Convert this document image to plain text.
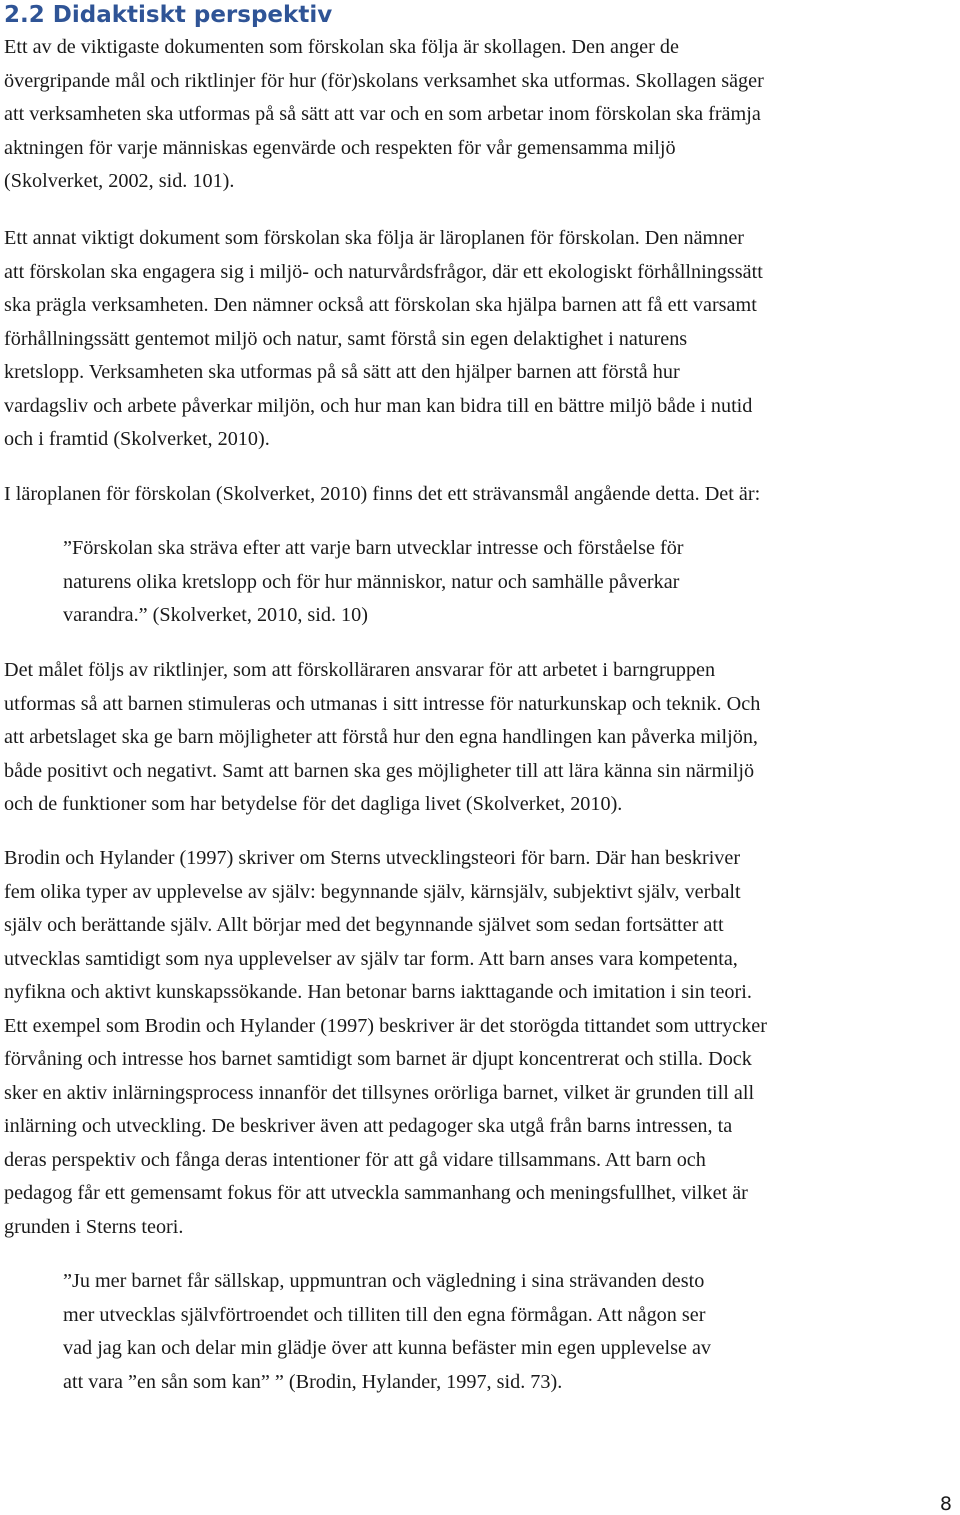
2.2 Didaktiskt perspektiv
Ett av de viktigaste dokumenten som förskolan ska följa är skollagen. Den anger de
övergripande mål och riktlinjer för hur (för)skolans verksamhet ska utformas. Skollagen säger
att verksamheten ska utformas på så sätt att var och en som arbetar inom förskolan ska främja
aktningen för varje människas egenvärde och respekten för vår gemensamma miljö
(Skolverket, 2002, sid. 101).
Ett annat viktigt dokument som förskolan ska följa är läroplanen för förskolan. Den nämner
att förskolan ska engagera sig i miljö- och naturvårdsfrågor, där ett ekologiskt förhållningssätt
ska prägla verksamheten. Den nämner också att förskolan ska hjälpa barnen att få ett varsamt
förhållningssätt gentemot miljö och natur, samt förstå sin egen delaktighet i naturens
kretslopp. Verksamheten ska utformas på så sätt att den hjälper barnen att förstå hur
vardagsliv och arbete påverkar miljön, och hur man kan bidra till en bättre miljö både i nutid
och i framtid (Skolverket, 2010).
I läroplanen för förskolan (Skolverket, 2010) finns det ett strävansmål angående detta. Det är:
”Förskolan ska sträva efter att varje barn utvecklar intresse och förståelse för
naturens olika kretslopp och för hur människor, natur och samhälle påverkar
varandra.” (Skolverket, 2010, sid. 10)
Det målet följs av riktlinjer, som att förskolläraren ansvarar för att arbetet i barngruppen
utformas så att barnen stimuleras och utmanas i sitt intresse för naturkunskap och teknik. Och
att arbetslaget ska ge barn möjligheter att förstå hur den egna handlingen kan påverka miljön,
både positivt och negativt. Samt att barnen ska ges möjligheter till att lära känna sin närmiljö
och de funktioner som har betydelse för det dagliga livet (Skolverket, 2010).
Brodin och Hylander (1997) skriver om Sterns utvecklingsteori för barn. Där han beskriver
fem olika typer av upplevelse av själv: begynnande själv, kärnsjälv, subjektivt själv, verbalt
själv och berättande själv. Allt börjar med det begynnande självet som sedan fortsätter att
utvecklas samtidigt som nya upplevelser av själv tar form. Att barn anses vara kompetenta,
nyfikna och aktivt kunskapssökande. Han betonar barns iakttagande och imitation i sin teori.
Ett exempel som Brodin och Hylander (1997) beskriver är det storögda tittandet som uttrycker
förvåning och intresse hos barnet samtidigt som barnet är djupt koncentrerat och stilla. Dock
sker en aktiv inlärningsprocess innanför det tillsynes orörliga barnet, vilket är grunden till all
inlärning och utveckling. De beskriver även att pedagoger ska utgå från barns intressen, ta
deras perspektiv och fånga deras intentioner för att gå vidare tillsammans. Att barn och
pedagog får ett gemensamt fokus för att utveckla sammanhang och meningsfullhet, vilket är
grunden i Sterns teori.
”Ju mer barnet får sällskap, uppmuntran och vägledning i sina strävanden desto
mer utvecklas självförtroendet och tilliten till den egna förmågan. Att någon ser
vad jag kan och delar min glädje över att kunna befäster min egen upplevelse av
att vara ”en sån som kan” ” (Brodin, Hylander, 1997, sid. 73).
8
